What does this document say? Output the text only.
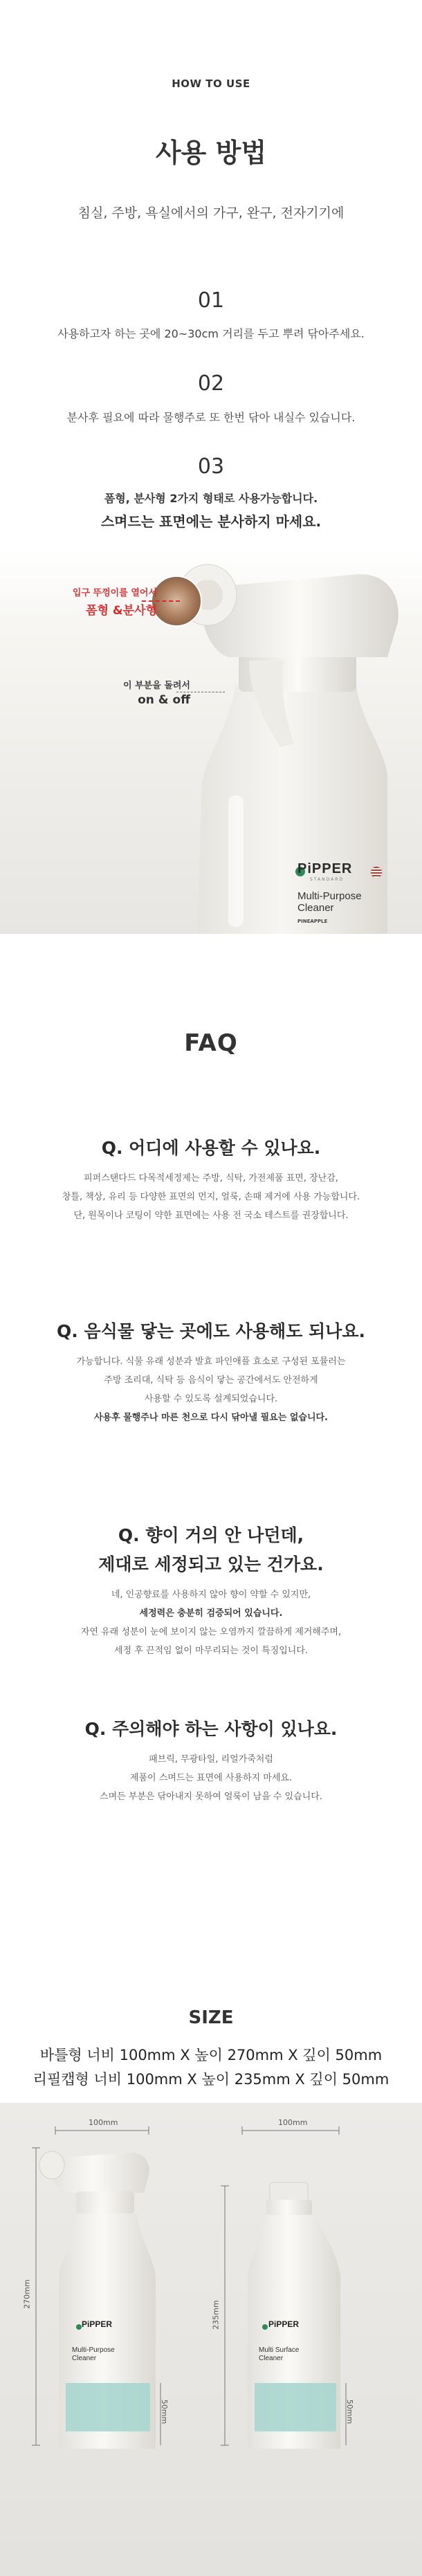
HOW TO USE
사용 방법
침실, 주방, 욕실에서의 가구, 완구, 전자기기에
01
사용하고자 하는 곳에 20~30cm 거리를 두고 뿌려 닦아주세요.
02
분사후 필요에 따라 물행주로 또 한번 닦아 내실수 있습니다.
03
폼형, 분사형 2가지 형태로 사용가능합니다.
스며드는 표면에는 분사하지 마세요.
입구 뚜껑이를 열어서
폼형 &분사형
이 부분을 돌려서
on & off
PiPPER
STANDARD
Multi-Purpose
Cleaner
PINEAPPLE
FAQ
Q. 어디에 사용할 수 있나요.
피퍼스탠다드 다목적세정제는 주방, 식탁, 가전제품 표면, 장난감,
창틀, 책상, 유리 등 다양한 표면의 먼지, 얼룩, 손때 제거에 사용 가능합니다.
단, 원목이나 코팅이 약한 표면에는 사용 전 국소 테스트를 권장합니다.
Q. 음식물 닿는 곳에도 사용해도 되나요.
가능합니다. 식물 유래 성분과 발효 파인애플 효소로 구성된 포뮬러는
주방 조리대, 식탁 등 음식이 닿는 공간에서도 안전하게
사용할 수 있도록 설계되었습니다.
사용후 물행주나 마른 천으로 다시 닦아낼 필요는 없습니다.
Q. 향이 거의 안 나던데,
제대로 세정되고 있는 건가요.
네, 인공향료를 사용하지 않아 향이 약할 수 있지만,
세정력은 충분히 검증되어 있습니다.
자연 유래 성분이 눈에 보이지 않는 오염까지 깔끔하게 제거해주며,
세정 후 끈적임 없이 마무리되는 것이 특징입니다.
Q. 주의해야 하는 사항이 있나요.
패브릭, 무광타일, 리얼가죽처럼
제품이 스며드는 표면에 사용하지 마세요.
스며든 부분은 닦아내지 못하여 얼룩이 남을 수 있습니다.
SIZE
바틀형 너비 100mm X 높이 270mm X 깊이 50mm
리필캡형 너비 100mm X 높이 235mm X 깊이 50mm
100mm
270mm
50mm
100mm
235mm
50mm
PiPPER
Multi-Purpose
Cleaner
PiPPER
Multi Surface
Cleaner
